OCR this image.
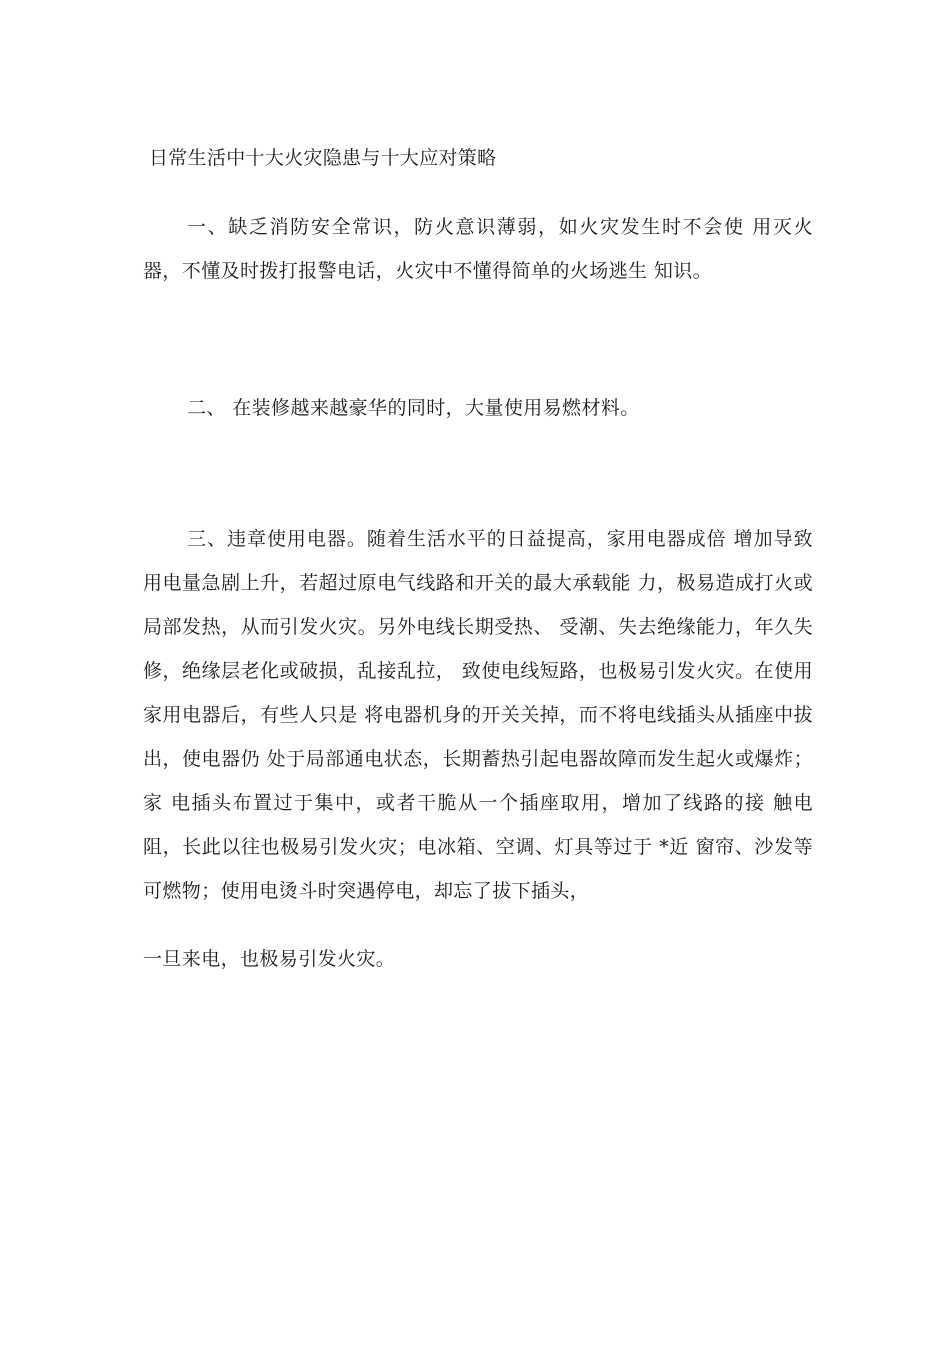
日常生活中十大火灾隐患与十大应对策略
一、缺乏消防安全常识，防火意识薄弱，如火灾发生时不会使 用灭火器，不懂及时拨打报警电话，火灾中不懂得简单的火场逃生 知识。
二、 在装修越来越豪华的同时，大量使用易燃材料。
三、违章使用电器。随着生活水平的日益提高，家用电器成倍 增加导致用电量急剧上升，若超过原电气线路和开关的最大承载能 力，极易造成打火或局部发热，从而引发火灾。另外电线长期受热、 受潮、失去绝缘能力，年久失修，绝缘层老化或破损，乱接乱拉， 致使电线短路，也极易引发火灾。在使用家用电器后，有些人只是 将电器机身的开关关掉，而不将电线插头从插座中拔出，使电器仍 处于局部通电状态，长期蓄热引起电器故障而发生起火或爆炸；家 电插头布置过于集中，或者干脆从一个插座取用，增加了线路的接 触电阻，长此以往也极易引发火灾；电冰箱、空调、灯具等过于 *近 窗帘、沙发等可燃物；使用电烫斗时突遇停电，却忘了拔下插头，
一旦来电，也极易引发火灾。
